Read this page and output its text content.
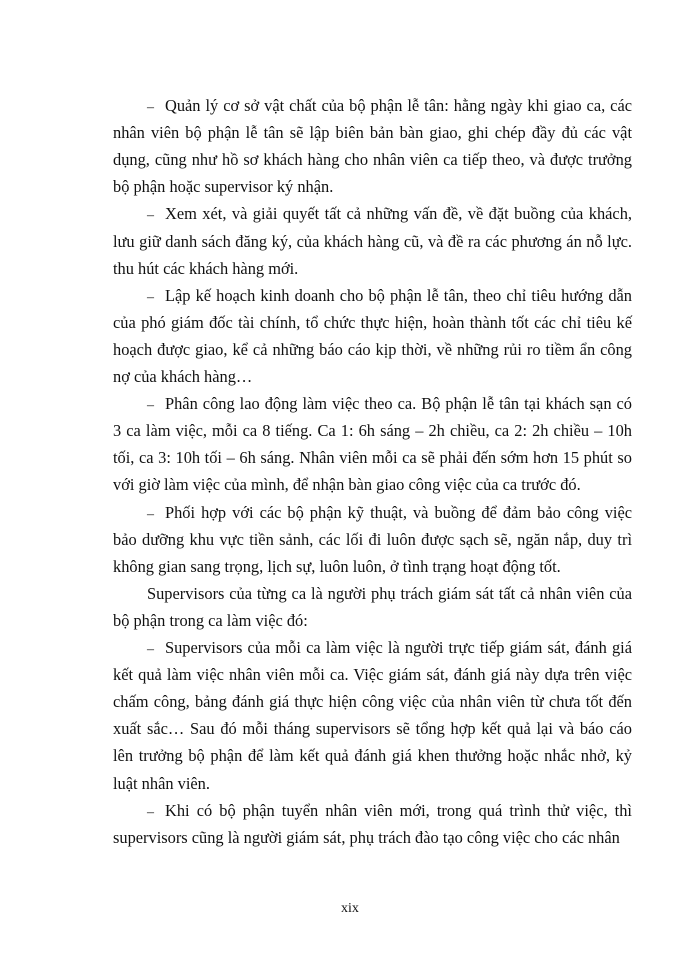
– Quản lý cơ sở vật chất của bộ phận lễ tân: hằng ngày khi giao ca, các
nhân viên bộ phận lễ tân sẽ lập biên bản bàn giao, ghi chép đầy đủ các vật
dụng, cũng như hồ sơ khách hàng cho nhân viên ca tiếp theo, và được trưởng
bộ phận hoặc supervisor ký nhận.
– Xem xét, và giải quyết tất cả những vấn đề, về đặt buồng của khách,
lưu giữ danh sách đăng ký, của khách hàng cũ, và đề ra các phương án nỗ lực.
thu hút các khách hàng mới.
– Lập kế hoạch kinh doanh cho bộ phận lễ tân, theo chỉ tiêu hướng dẫn
của phó giám đốc tài chính, tổ chức thực hiện, hoàn thành tốt các chỉ tiêu kế
hoạch được giao, kể cả những báo cáo kịp thời, về những rủi ro tiềm ẩn công
nợ của khách hàng…
– Phân công lao động làm việc theo ca. Bộ phận lễ tân tại khách sạn có
3 ca làm việc, mỗi ca 8 tiếng. Ca 1: 6h sáng – 2h chiều, ca 2: 2h chiều – 10h
tối, ca 3: 10h tối – 6h sáng. Nhân viên mỗi ca sẽ phải đến sớm hơn 15 phút so
với giờ làm việc của mình, để nhận bàn giao công việc của ca trước đó.
– Phối hợp với các bộ phận kỹ thuật, và buồng để đảm bảo công việc
bảo dưỡng khu vực tiền sảnh, các lối đi luôn được sạch sẽ, ngăn nắp, duy trì
không gian sang trọng, lịch sự, luôn luôn, ở tình trạng hoạt động tốt.
Supervisors của từng ca là người phụ trách giám sát tất cả nhân viên của
bộ phận trong ca làm việc đó:
– Supervisors của mỗi ca làm việc là người trực tiếp giám sát, đánh giá
kết quả làm việc nhân viên mỗi ca. Việc giám sát, đánh giá này dựa trên việc
chấm công, bảng đánh giá thực hiện công việc của nhân viên từ chưa tốt đến
xuất sắc… Sau đó mỗi tháng supervisors sẽ tổng hợp kết quả lại và báo cáo
lên trưởng bộ phận để làm kết quả đánh giá khen thưởng hoặc nhắc nhở, kỷ
luật nhân viên.
– Khi có bộ phận tuyển nhân viên mới, trong quá trình thử việc, thì
supervisors cũng là người giám sát, phụ trách đào tạo công việc cho các nhân
xix
